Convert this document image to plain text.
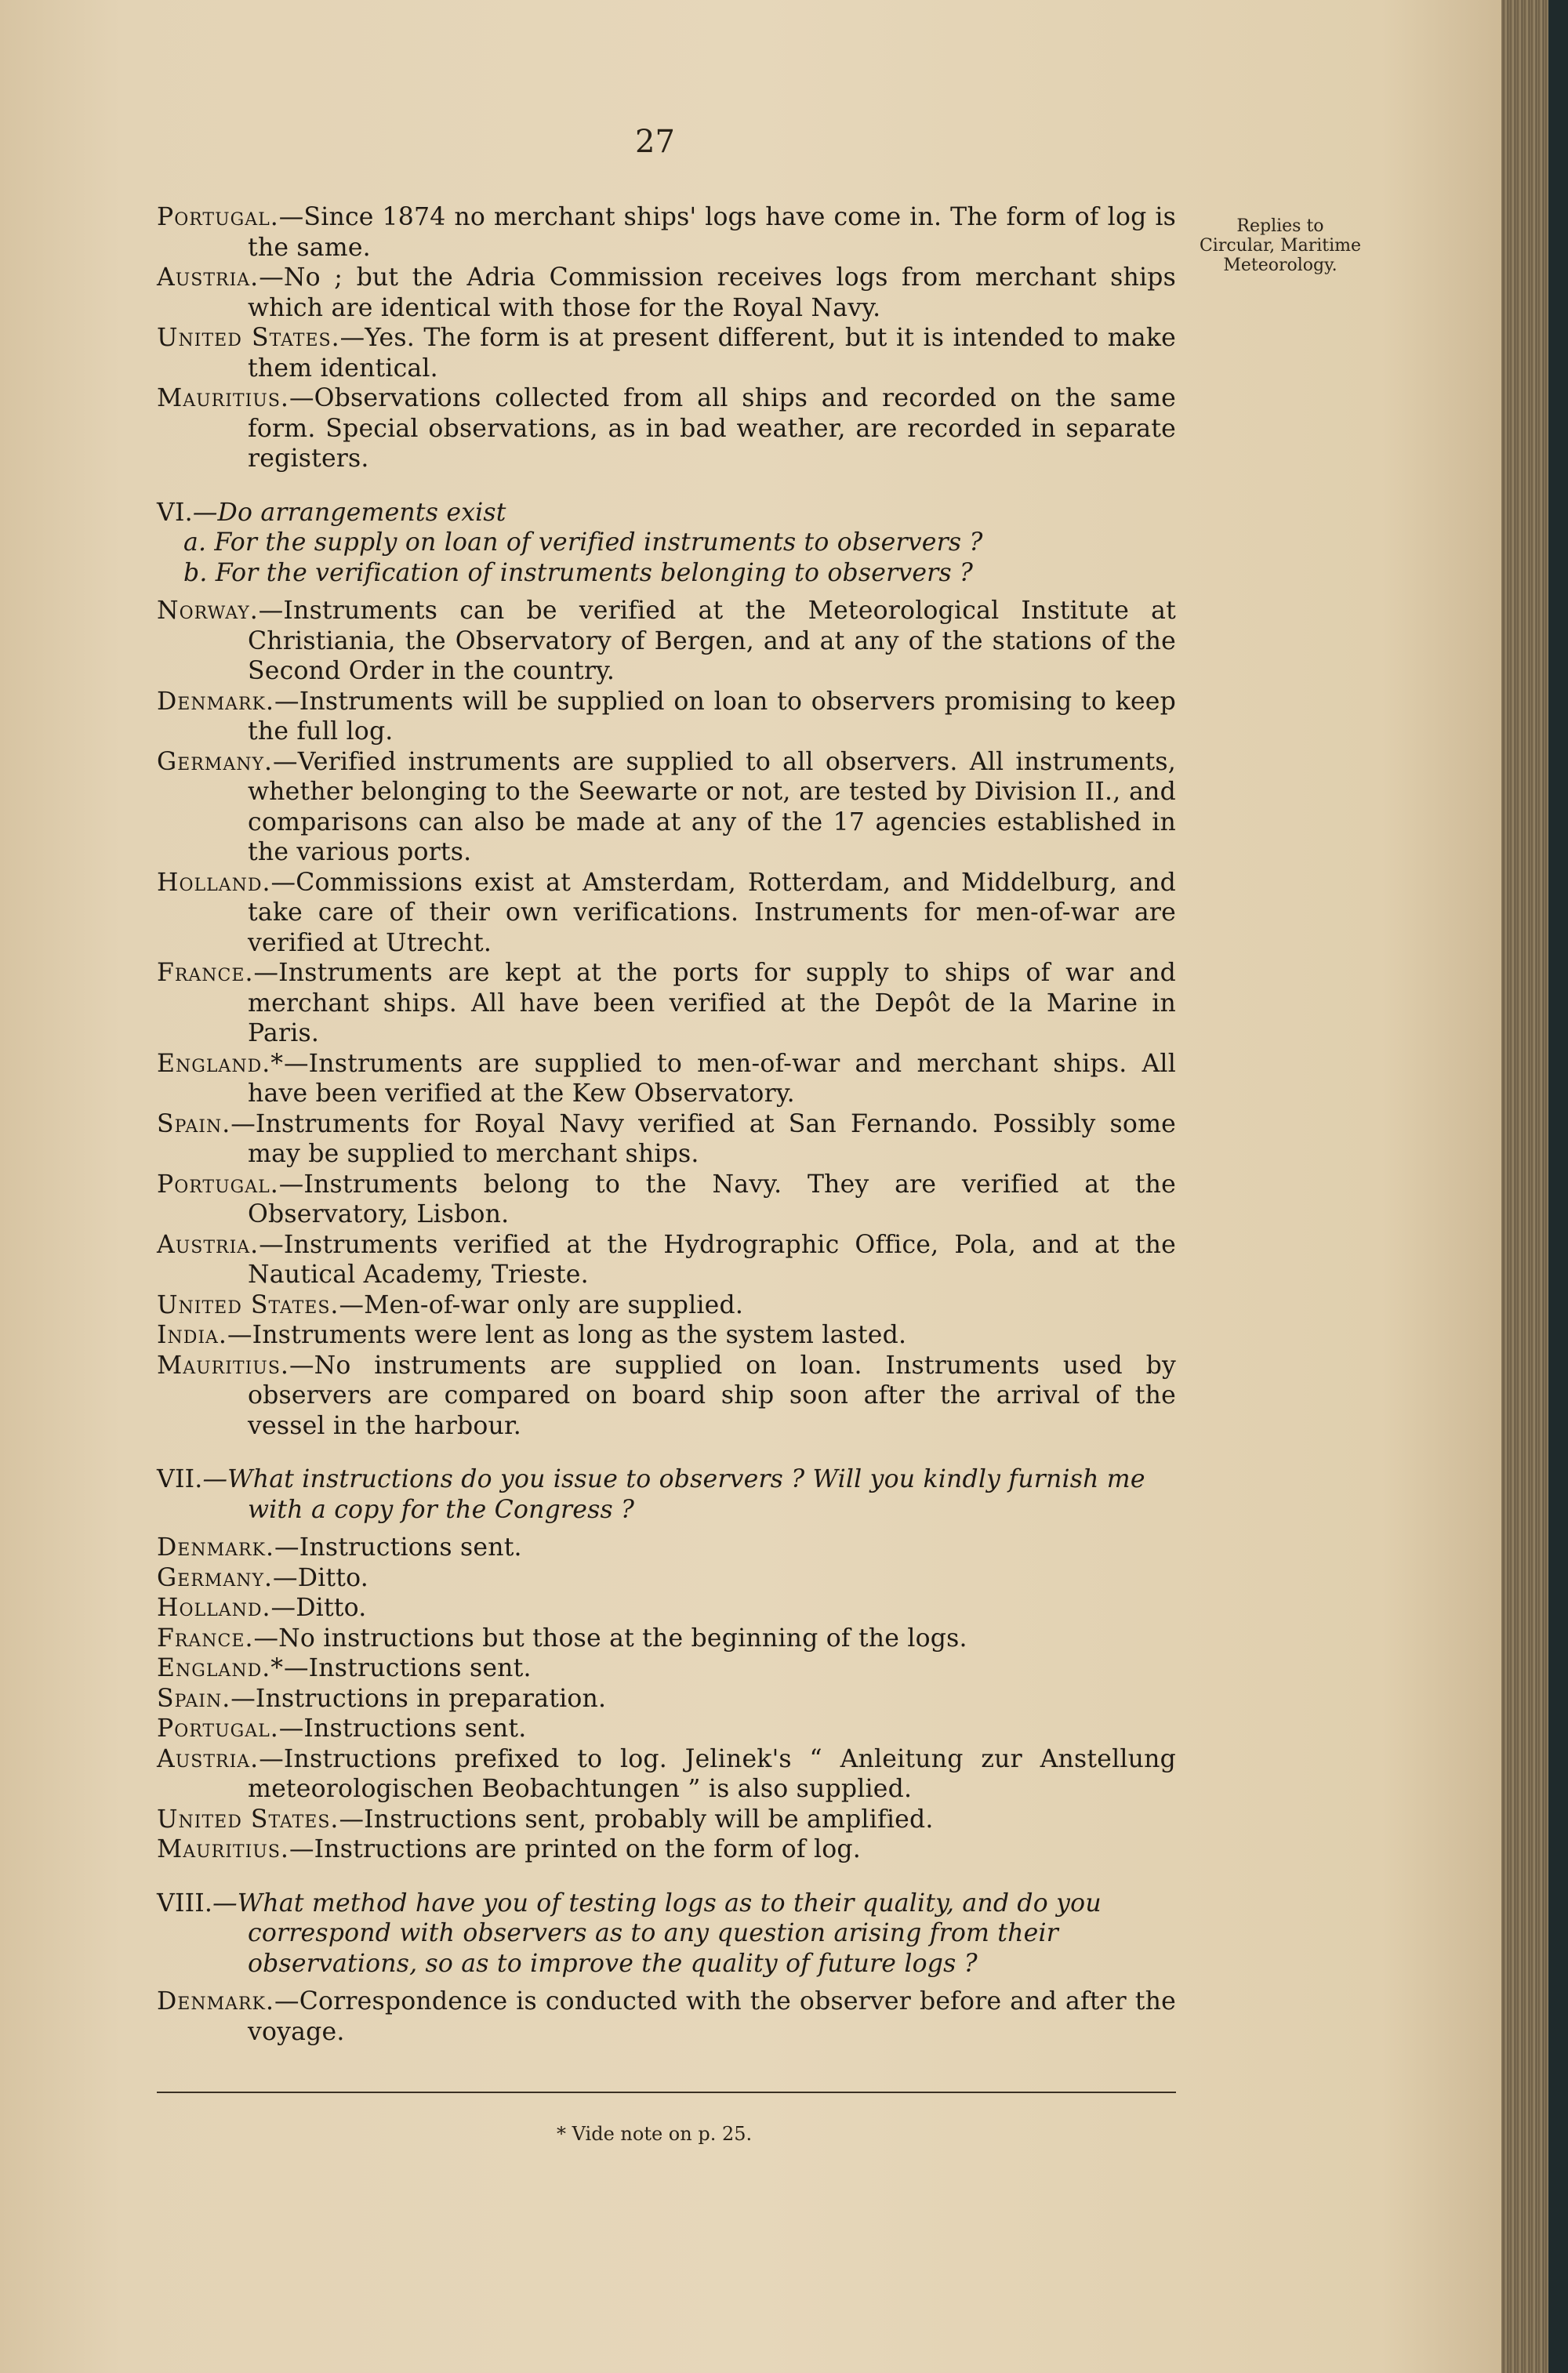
27
Replies to Circular, Maritime Meteorology.
Portugal.—Since 1874 no merchant ships' logs have come in. The form of log is the same.
Austria.—No ; but the Adria Commission receives logs from merchant ships which are identical with those for the Royal Navy.
United States.—Yes. The form is at present different, but it is intended to make them identical.
Mauritius.—Observations collected from all ships and recorded on the same form. Special observations, as in bad weather, are recorded in separate registers.
VI.—Do arrangements exist
a. For the supply on loan of verified instruments to observers ?
b. For the verification of instruments belonging to observers ?
Norway.—Instruments can be verified at the Meteorological Institute at Christiania, the Observatory of Bergen, and at any of the stations of the Second Order in the country.
Denmark.—Instruments will be supplied on loan to observers promising to keep the full log.
Germany.—Verified instruments are supplied to all observers. All instruments, whether belonging to the Seewarte or not, are tested by Division II., and comparisons can also be made at any of the 17 agencies established in the various ports.
Holland.—Commissions exist at Amsterdam, Rotterdam, and Middelburg, and take care of their own verifications. Instruments for men-of-war are verified at Utrecht.
France.—Instruments are kept at the ports for supply to ships of war and merchant ships. All have been verified at the Depôt de la Marine in Paris.
England.*—Instruments are supplied to men-of-war and merchant ships. All have been verified at the Kew Observatory.
Spain.—Instruments for Royal Navy verified at San Fernando. Possibly some may be supplied to merchant ships.
Portugal.—Instruments belong to the Navy. They are verified at the Observatory, Lisbon.
Austria.—Instruments verified at the Hydrographic Office, Pola, and at the Nautical Academy, Trieste.
United States.—Men-of-war only are supplied.
India.—Instruments were lent as long as the system lasted.
Mauritius.—No instruments are supplied on loan. Instruments used by observers are compared on board ship soon after the arrival of the vessel in the harbour.
VII.—What instructions do you issue to observers ? Will you kindly furnish me with a copy for the Congress ?
Denmark.—Instructions sent.
Germany.—Ditto.
Holland.—Ditto.
France.—No instructions but those at the beginning of the logs.
England.*—Instructions sent.
Spain.—Instructions in preparation.
Portugal.—Instructions sent.
Austria.—Instructions prefixed to log. Jelinek's “ Anleitung zur Anstellung meteorologischen Beobachtungen ” is also supplied.
United States.—Instructions sent, probably will be amplified.
Mauritius.—Instructions are printed on the form of log.
VIII.—What method have you of testing logs as to their quality, and do you correspond with observers as to any question arising from their observations, so as to improve the quality of future logs ?
Denmark.—Correspondence is conducted with the observer before and after the voyage.
* Vide note on p. 25.
